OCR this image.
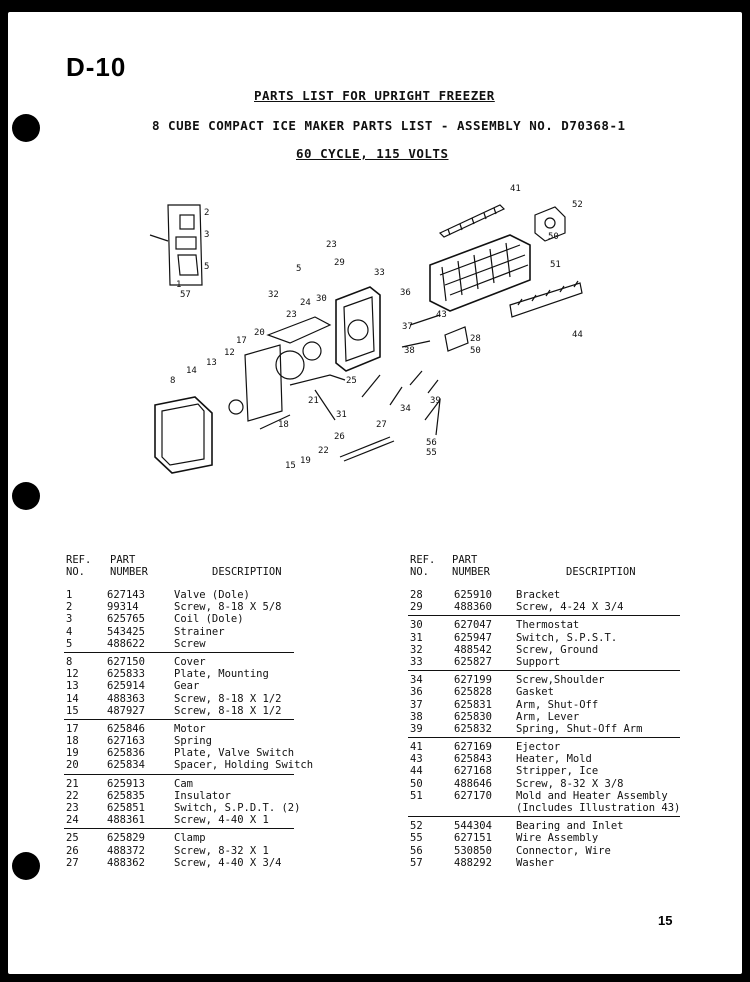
D-10
PARTS LIST FOR UPRIGHT FREEZER
8 CUBE COMPACT ICE MAKER PARTS LIST - ASSEMBLY NO. D70368-1
60 CYCLE, 115 VOLTS
2
3
5
1
5
8
12
13
14
15
17
18
19
20
21
22
23
23
24
25
26
27
28
29
30
31
32
33
34
36
37
38
39
41
43
44
50
50
51
52
55
56
57
REF.
NO.
PART
NUMBER	DESCRIPTION
1	627143	Valve (Dole)
2	99314	Screw, 8-18 X 5/8
3	625765	Coil (Dole)
4	543425	Strainer
5	488622	Screw
8	627150	Cover
12	625833	Plate, Mounting
13	625914	Gear
14	488363	Screw, 8-18 X 1/2
15	487927	Screw, 8-18 X 1/2
17	625846	Motor
18	627163	Spring
19	625836	Plate, Valve Switch
20	625834	Spacer, Holding Switch
21	625913	Cam
22	625835	Insulator
23	625851	Switch, S.P.D.T. (2)
24	488361	Screw, 4-40 X 1
25	625829	Clamp
26	488372	Screw, 8-32 X 1
27	488362	Screw, 4-40 X 3/4
REF.
NO.
PART
NUMBER	DESCRIPTION
28	625910 Bracket
29	488360 Screw, 4-24 X 3/4
30	627047 Thermostat
31	625947 Switch, S.P.S.T.
32	488542 Screw, Ground
33	625827 Support
34	627199 Screw,Shoulder
36	625828 Gasket
37	625831 Arm, Shut-Off
38	625830 Arm, Lever
39	625832 Spring, Shut-Off Arm
41	627169 Ejector
43	625843 Heater, Mold
44	627168 Stripper, Ice
50	488646 Screw, 8-32 X 3/8
51	627170 Mold and Heater Assembly
(Includes Illustration 43)
52	544304 Bearing and Inlet
55	627151 Wire Assembly
56	530850 Connector, Wire
57	488292 Washer
15
